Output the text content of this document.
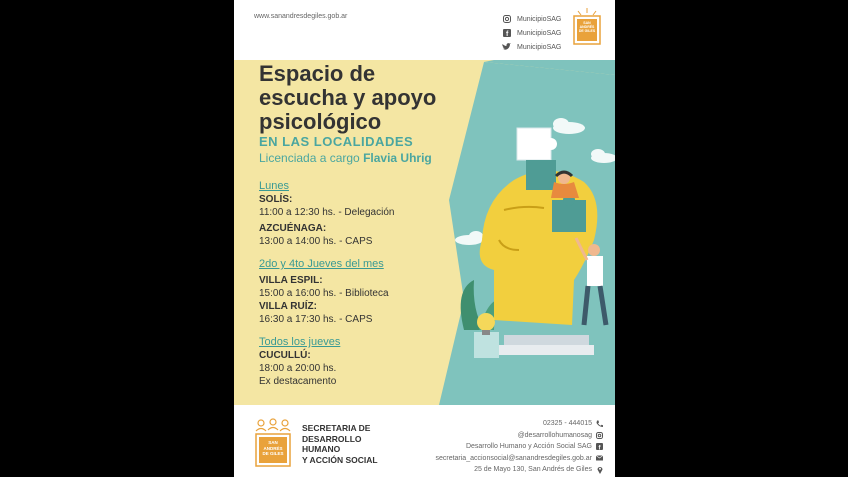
www.sanandresdegiles.gob.ar	MunicipioSAG
f MunicipioSAG
MunicipioSAG
SAN
ANDRÉS
DE GILES
Espacio de escucha y apoyo psicológico
EN LAS LOCALIDADES
Licenciada a cargo Flavia Uhrig
Lunes
SOLÍS:
11:00 a 12:30 hs. - Delegación
AZCUÉNAGA:
13:00 a 14:00 hs. - CAPS
2do y 4to Jueves del mes
VILLA ESPIL:
15:00 a 16:00 hs. - Biblioteca
VILLA RUÍZ:
16:30 a 17:30 hs. - CAPS
Todos los jueves
CUCULLÚ:
18:00 a 20:00 hs.
Ex destacamento
SAN
ANDRÉS
DE GILES
SECRETARIA DE
DESARROLLO
HUMANO
Y ACCIÓN SOCIAL
02325 - 444015
@desarrollohumanosag
Desarrollo Humano y Acción Social SAG f
secretaria_accionsocial@sanandresdegiles.gob.ar
25 de Mayo 130, San Andrés de Giles
